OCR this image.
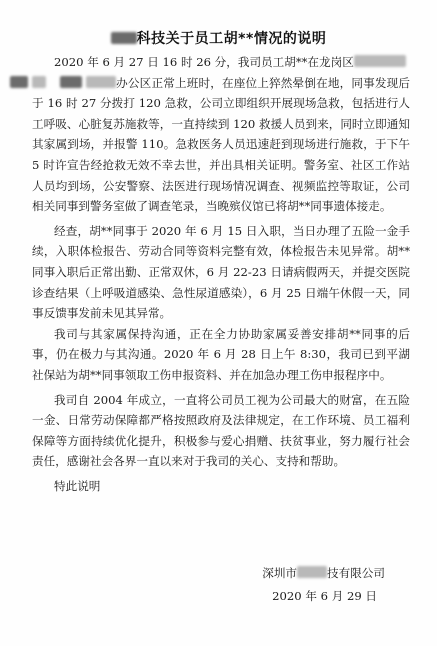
科技关于员工胡**情况的说明

2020 年 6 月 27 日 16 时 26 分，我司员工胡**在龙岗区
办公区正常上班时，在座位上猝然晕倒在地，同事发现后于 16 时 27 分拨打 120 急救，公司立即组织开展现场急救，包括进行人工呼吸、心脏复苏施救等，一直持续到 120 救援人员到来，同时立即通知其家属到场，并报警 110。急救医务人员迅速赶到现场进行施救，于下午 5 时许宣告经抢救无效不幸去世，并出具相关证明。警务室、社区工作站人员均到场，公安警察、法医进行现场情况调查、视频监控等取证，公司相关同事到警务室做了调查笔录，当晚殡仪馆已将胡**同事遗体接走。

经查，胡**同事于 2020 年 6 月 15 日入职，当日办理了五险一金手续，入职体检报告、劳动合同等资料完整有效，体检报告未见异常。胡**同事入职后正常出勤、正常双休，6 月 22-23 日请病假两天，并提交医院诊查结果（上呼吸道感染、急性尿道感染），6 月 25 日端午休假一天，同事反馈事发前未见其异常。

我司与其家属保持沟通，正在全力协助家属妥善安排胡**同事的后事，仍在极力与其沟通。2020 年 6 月 28 日上午 8:30，我司已到平湖社保站为胡**同事领取工伤申报资料、并在加急办理工伤申报程序中。

我司自 2004 年成立，一直将公司员工视为公司最大的财富，在五险一金、日常劳动保障都严格按照政府及法律规定，在工作环境、员工福利保障等方面持续优化提升，积极参与爱心捐赠、扶贫事业，努力履行社会责任，感谢社会各界一直以来对于我司的关心、支持和帮助。

特此说明

深圳市	技有限公司
2020 年 6 月 29 日
